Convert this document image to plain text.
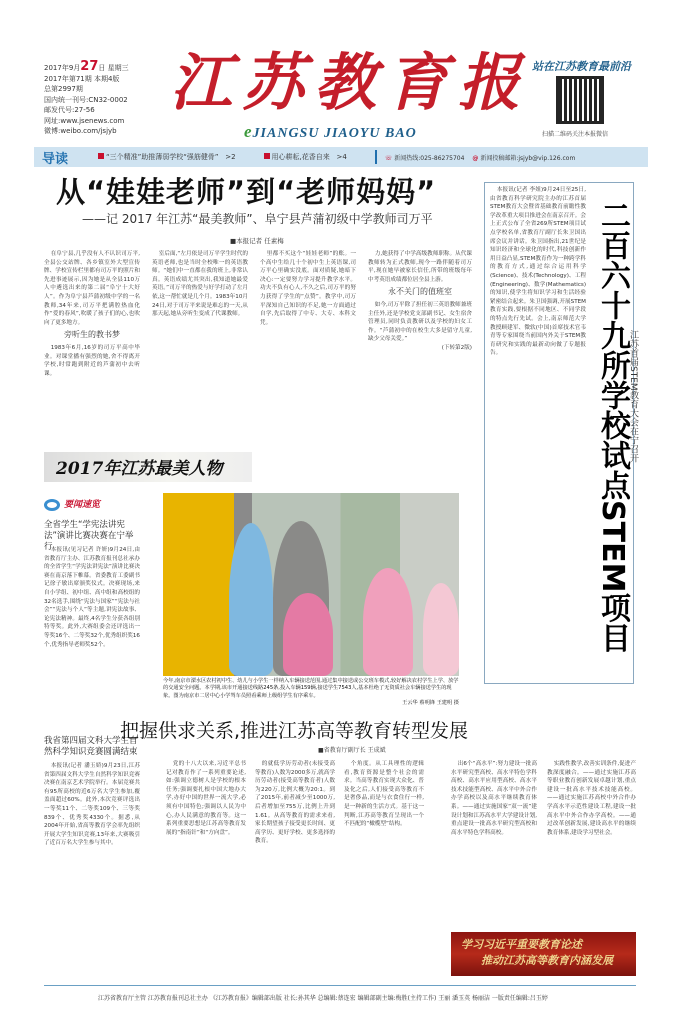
2017年9月27日 星期三
2017年第71期 本期4版
总第2997期
国内统一刊号:CN32-0002
邮发代号:27-56
网址:www.jsenews.com
微博:weibo.com/jsjyb
江苏教育报
eJIANGSU JIAOYU BAO
站在江苏教育最前沿
扫描二维码关注本报微信
导读	“三个精准”助推薄弱学校“强筋健骨” >2	用心耕耘,花香自来 >4	☏ 新闻热线:025-86275704 @ 新闻投稿邮箱:jsjyb@vip.126.com
从“娃娃老师”到“老师妈妈”
——记 2017 年江苏“最美教师”、阜宁县芦蒲初级中学教师司万平
■本报记者 任素梅

在阜宁县,几乎没有人不认识司万平,全县公交站牌、各乡镇室外大型宣传牌、学校宣传栏里都有司万平的照片和先进事迹展示,因为她是从全县110万人中遴选出来的第二届“阜宁十大好人”。作为阜宁县芦蒲初级中学的一名教师,34年来,司万平把满腔热血化作“爱的春风”,吹暖了孩子们的心,也吹向了更多地方。

旁听生的教书梦

1983年6月,16岁的司万平高中毕业。对课堂播有强烈的她,舍不得离开学校,时常跑到附近的芦蒲初中去听课。

室后面,“左月依是司万平学生时代的英语老师,也是当时全校唯一的英语教师。“她们中一直都在我的班上,非常认真。英语成绩尤其突出,我知道她最爱英语。”司万平的热爱与好学打动了左月依,这一帮忙就是几个月。1983年10月24日,对于司万平来说是难忘的一天,从那天起,她从旁听生变成了代课教师。

里都不买这个“娃娃老师”的账。一个高中生给几十个初中生上英语课,司万平心里确实没底。面对质疑,她暗下决心:一定要努力学习提升教学水平。功夫不负有心人,不久之后,司万平的努力获得了学生的“点赞”。教学中,司万平深知自己知识的不足,她一方面通过自学,先后取得了中专、大专、本科文凭。

力,她获得了中学高级教师职称。从代课教师转为正式教师,现今一路伴随着司万平,现在她早被家长信任,所带的班级每年中考英语成绩都位居全县上游。

永不关门的值班室

如今,司万平除了担任初三英语教师兼班主任外,还是学校党支部副书记、女生宿舍管理员,同时负责教研以及学校的妇女工作。“芦蒲初中的在校生大多是留守儿童,缺少父母关爱。”

(下转第2版)
2017年江苏最美人物
要闻速览
全省学生“学宪法讲宪法”演讲比赛决赛在宁举行

本报讯(见习记者 许妍)9月24日,由省教育厅主办、江苏教育报刊总社承办的全省学生“学宪法讲宪法”演讲比赛决赛在南京落下帷幕。省委教育工委副书记徐子敏出席颁奖仪式。决赛现场,来自小学组、初中组、高中组和高校组的32名选手,围绕“宪法与国家”“宪法与社会”“宪法与个人”等主题,讲宪法故事、论宪法精神。最终,4名学生分获各组别特等奖。此外,大赛组委会还评选出一等奖16个、二等奖32个,优秀组织奖16个,优秀指导老师奖52个。

我省第四届文科大学生自然科学知识竞赛圆满结束

本报讯(记者 潘玉娇)9月23日,江苏省第四届文科大学生自然科学知识竞赛决赛在南京艺术学院举行。本届竞赛共有95所高校的近6万名大学生参加,覆盖面超过60%。此外,本次竞赛评选出一等奖11个、二等奖109个、三等奖839个、优秀奖4330个。据悉,从2004年开始,省高等教育学会率先组织开展大学生知识竞赛,13年来,大赛吸引了近百万名大学生参与其中。

今年,南京市溧水区农村初中生、幼儿与小学生一样纳入车辆接送范围,通过集中接送或公交班车模式,较好解决农村学生上学、放学的交通安全问题。本学期,该市开通接送线路245条,投入车辆159辆,接送学生7543人,基本杜绝了无资质社会车辆接送学生的现象。图为南京市二居中心小学驾车员照看乘师上级组学生有序乘车。
王云华 蔡明锋 王建明 摄

本报讯(记者 李姐)9月24日至25日,由省教育科学研究院主办的江苏首届STEM教育大会暨省基础教育前瞻性教学改革重大项目推进会在南京召开。会上正式公布了全省269所STEM项目试点学校名单,省教育厅副厅长朱卫国出席会议并讲话。朱卫国指出,21世纪是知识经济和全球化的时代,科技创新作用日益凸显,STEM教育作为一种跨学科的教育方式,通过综合运用科学(Science)、技术(Technology)、工程(Engineering)、数学(Mathematics)的知识,使学生将知识学习和生活经验紧密结合起来。朱卫国强调,开展STEM教育实践,要根据不同地区、不同学段的特点先行先试。会上,南京师范大学教授顾建军、微软(中国)首席技术官韦青等专家围绕当前国内外关于STEM教育研究和实践的最新动向做了专题报告。	二百六十九所学校试点STEM项目
江苏首届STEM教育大会在宁召开
把握供求关系,推进江苏高等教育转型发展
■省教育厅副厅长 王成斌

党的十八大以来,习近平总书记对教育作了一系列重要论述,如:强调立德树人是学校的根本任务;强调要扎根中国大地办大学,办好中国的世界一流大学,必须有中国特色;强调以人民为中心,办人民满意的教育等。这一系列重要思想是江苏高等教育发展的“指南针”和“方向盘”。

的就低学历劳动者(未接受高等教育)人数为2000多万,就高学历劳动者(接受高等教育者)人数为220万,比例大概为20:1。到了2015年,前者减少至1000万,后者增加至755万,比例上升到1.61。从高等教育的需求来看,家长期望孩子接受更长时间、更高学历、更好学校、更多选择的教育。

个角度。从工具理性的逻辑看,教育资源是整个社会的需求。当高等教育实现大众化、普及化之后,人们接受高等教育不是奢侈品,而是与衣食住行一样,是一种新的生活方式。基于这一判断,江苏高等教育呈现出一个不匹配的“橄榄型”结构。

出6个“高水平”:努力建设一批高水平研究型高校、高水平特色学科高校、高水平应用型高校、高水平技术技能型高校、高水平中外合作办学高校以及高水平继续教育体系。——通过实施国家“双一流”建设计划和江苏高水平大学建设计划,重点建设一批高水平研究型高校和高水平特色学科高校。

实践性教学,改善实训条件,促进产教深度融合。——通过实施江苏高等职业教育创新发展卓越计划,重点建设一批高水平技术技能高校。——通过实施江苏高校中外合作办学高水平示范性建设工程,建设一批高水平中外合作办学高校。——通过改革创新发展,建设高水平的继续教育体系,建设学习型社会。

学习习近平重要教育论述
推动江苏高等教育内涵发展
江苏省教育厅主管 江苏教育报刊总社主办 《江苏教育报》编辑部出版 社长:孙其华 总编辑:蔡连宏 编辑部副主编:梅胜(主持工作) 王丽 潘玉英 杨丽洁 一版责任编辑:吕玉婷
